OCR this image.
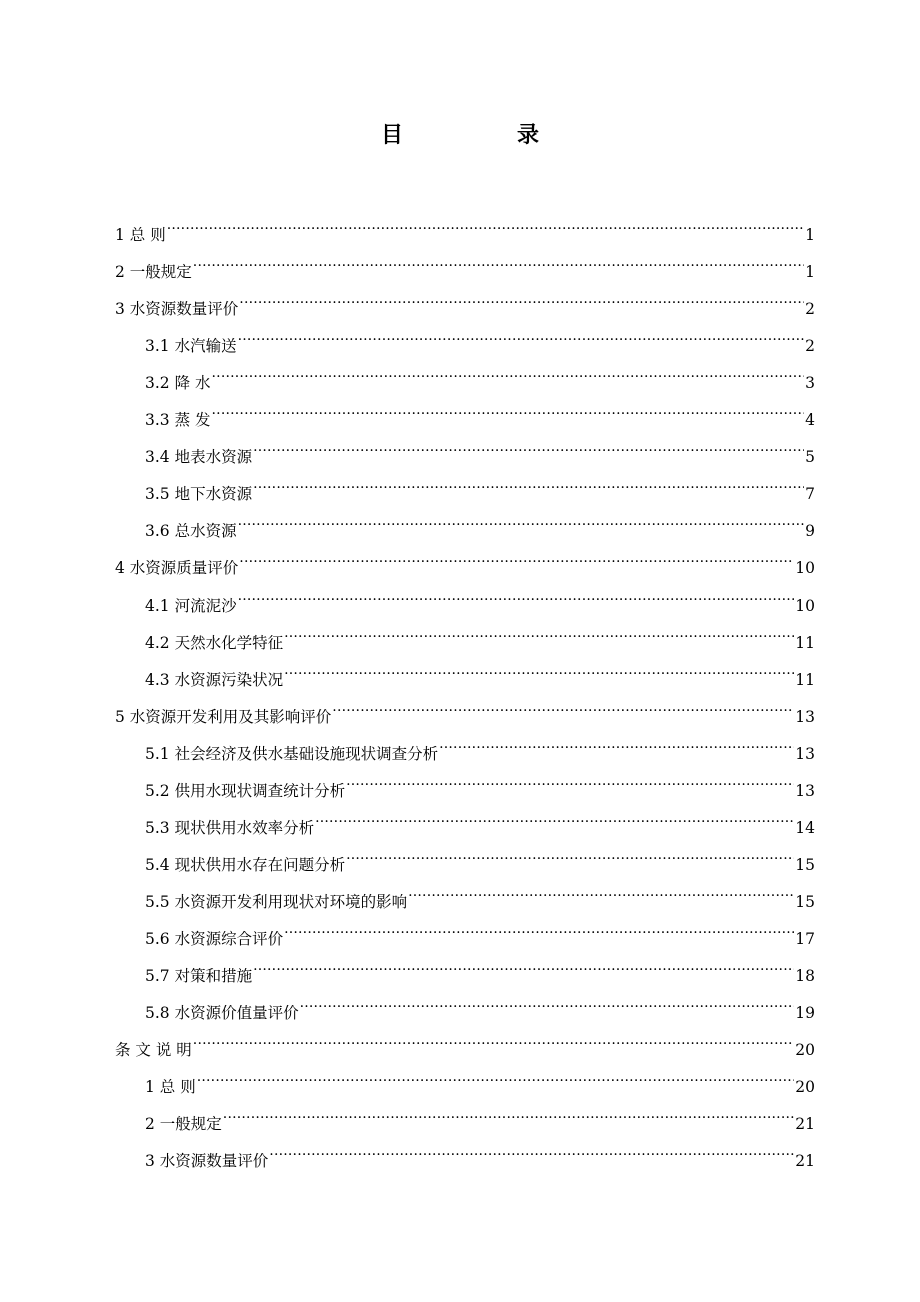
目　录
1 总 则 .....	1
2 一般规定 .....	1
3 水资源数量评价 .....	2
3.1 水汽输送 .....	2
3.2 降 水 .....	3
3.3 蒸 发 .....	4
3.4 地表水资源 .....	5
3.5 地下水资源 .....	7
3.6 总水资源 .....	9
4 水资源质量评价 .....	10
4.1 河流泥沙 .....	10
4.2 天然水化学特征 .....	11
4.3 水资源污染状况 .....	11
5 水资源开发利用及其影响评价 .....	13
5.1 社会经济及供水基础设施现状调查分析 .....	13
5.2 供用水现状调查统计分析 .....	13
5.3 现状供用水效率分析 .....	14
5.4 现状供用水存在问题分析 .....	15
5.5 水资源开发利用现状对环境的影响 .....	15
5.6 水资源综合评价 .....	17
5.7 对策和措施 .....	18
5.8 水资源价值量评价 .....	19
条 文 说 明 .....	20
1 总 则 .....	20
2 一般规定 .....	21
3 水资源数量评价 .....	21
